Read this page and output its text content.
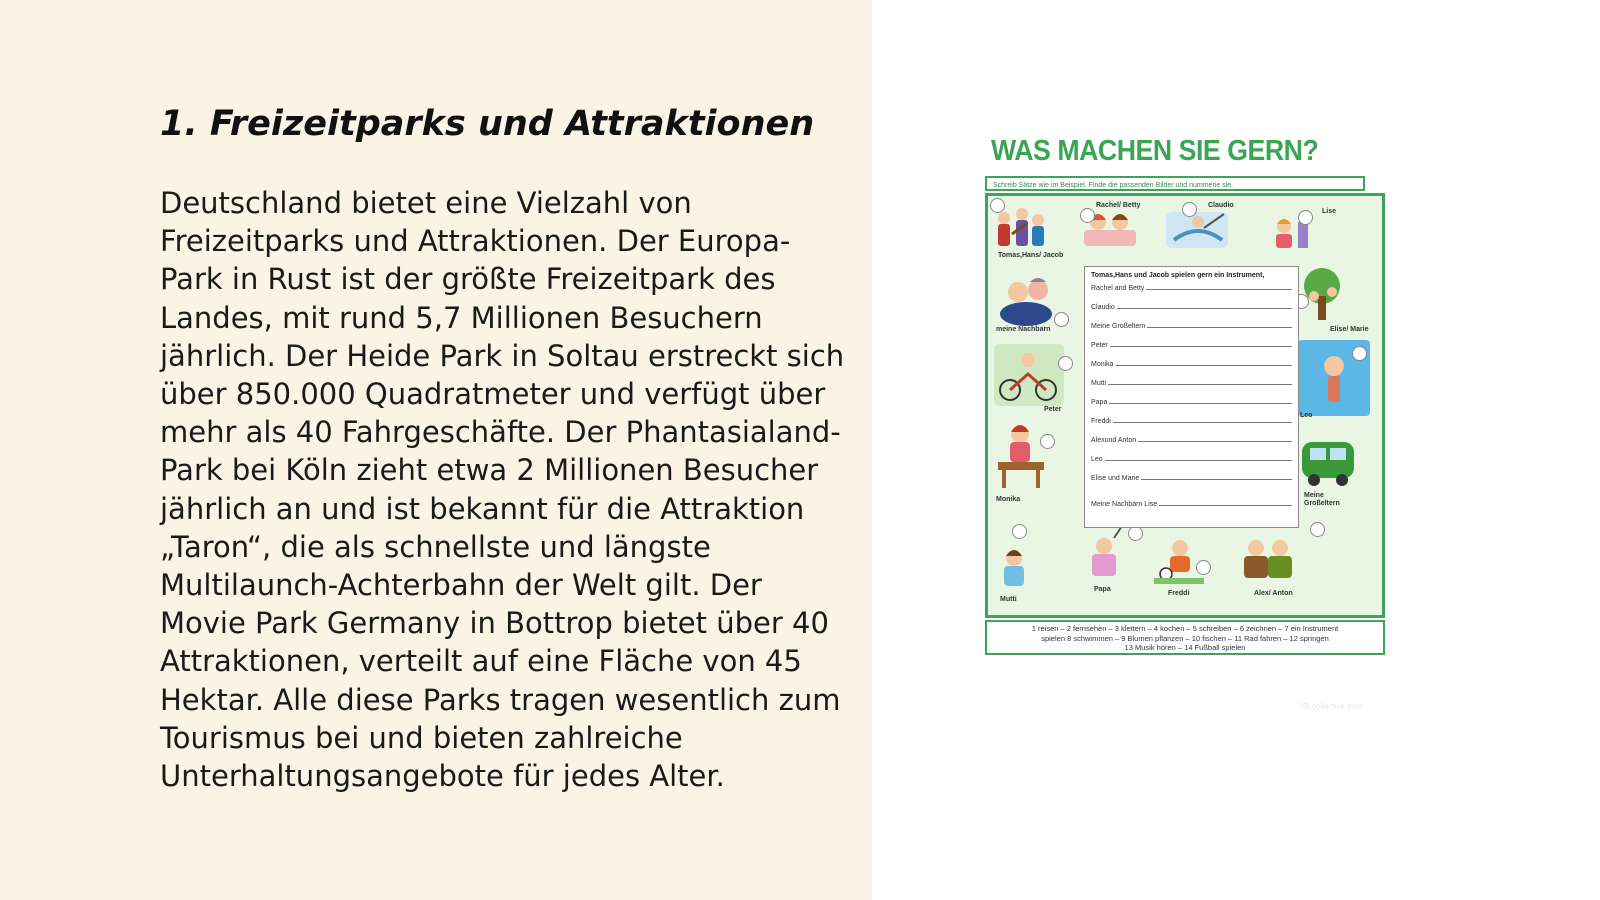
1. Freizeitparks und Attraktionen

Deutschland bietet eine Vielzahl von Freizeitparks und Attraktionen. Der Europa-Park in Rust ist der größte Freizeitpark des Landes, mit rund 5,7 Millionen Besuchern jährlich. Der Heide Park in Soltau erstreckt sich über 850.000 Quadratmeter und verfügt über mehr als 40 Fahrgeschäfte. Der Phantasialand-Park bei Köln zieht etwa 2 Millionen Besucher jährlich an und ist bekannt für die Attraktion „Taron“, die als schnellste und längste Multilaunch-Achterbahn der Welt gilt. Der Movie Park Germany in Bottrop bietet über 40 Attraktionen, verteilt auf eine Fläche von 45 Hektar. Alle diese Parks tragen wesentlich zum Tourismus bei und bieten zahlreiche Unterhaltungsangebote für jedes Alter.

WAS MACHEN SIE GERN?
Schreib Sätze wie im Beispiel. Finde die passenden Bilder und nummerie sie.
Tomas,Hans/ Jacob
Rachel/ Betty	Claudio
Lise
meine Nachbarn	Elise/ Marie
Peter
Leo
Monika
Meine Großeltern
Mutti
Papa
Freddi	Alex/ Anton
Tomas,Hans und Jacob spielen gern ein Instrument,
Rachel and Betty
Claudio
Meine Großeltern
Peter
Monika
Mutti
Papa
Freddi
Alexund Anton
Leo
Elise und Marie
Meine Nachbarn Lise
1 reisen – 2 fernsehen – 3 klettern – 4 kochen – 5 schreiben – 6 zeichnen – 7 ein Instrument
spielen 8 schwimmen – 9 Blumen pflanzen – 10 fischen – 11 Rad fahren – 12 springen
13 Musik hören – 14 Fußball spielen
ISLcollective.com
